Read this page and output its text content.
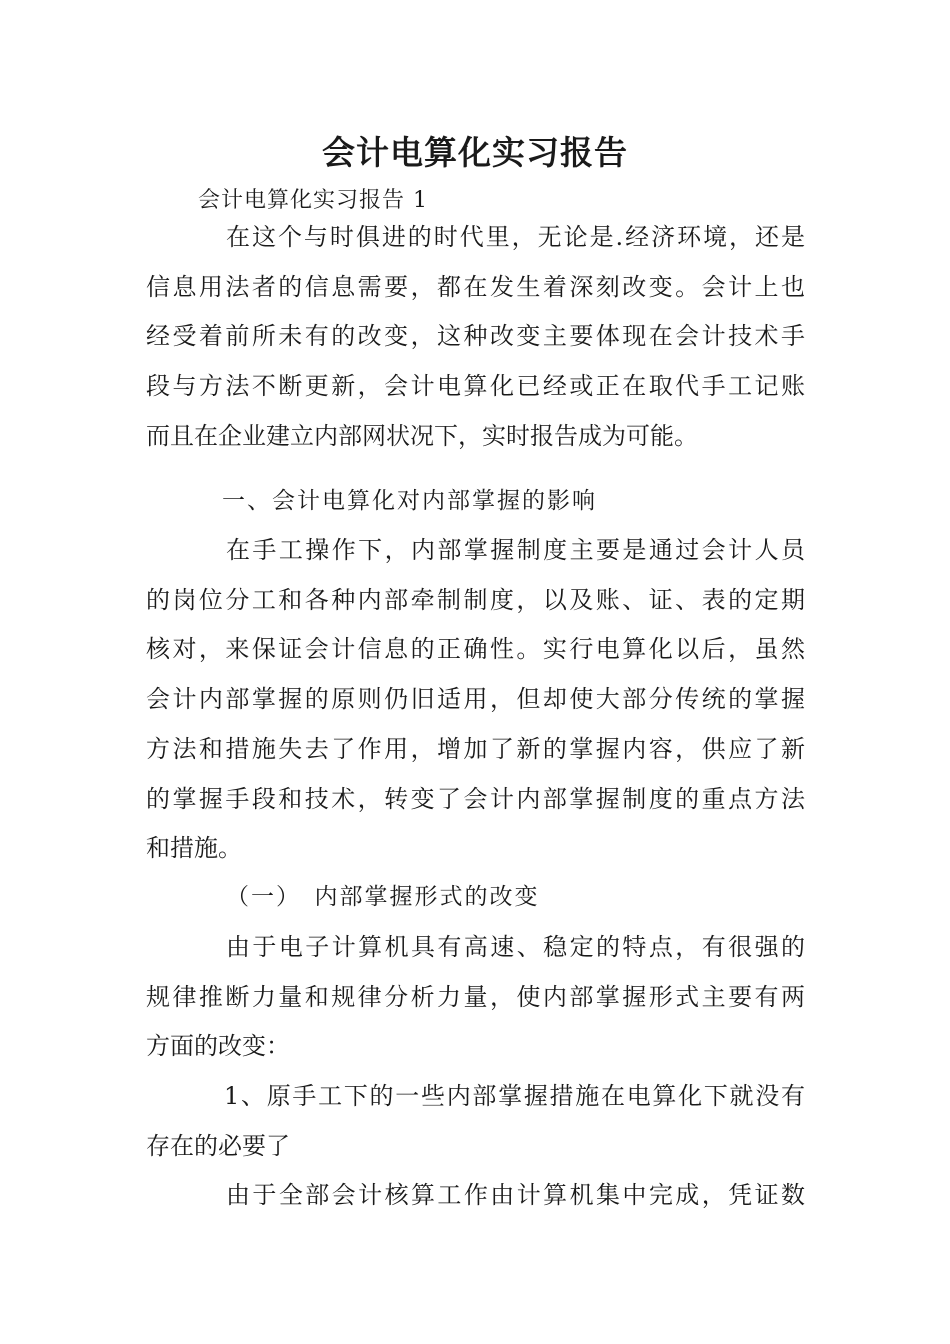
会计电算化实习报告

会计电算化实习报告 1

在这个与时俱进的时代里，无论是.经济环境，还是

信息用法者的信息需要，都在发生着深刻改变。会计上也

经受着前所未有的改变，这种改变主要体现在会计技术手

段与方法不断更新，会计电算化已经或正在取代手工记账

而且在企业建立内部网状况下，实时报告成为可能。

一、会计电算化对内部掌握的影响

在手工操作下，内部掌握制度主要是通过会计人员

的岗位分工和各种内部牵制制度，以及账、证、表的定期

核对，来保证会计信息的正确性。实行电算化以后，虽然

会计内部掌握的原则仍旧适用，但却使大部分传统的掌握

方法和措施失去了作用，增加了新的掌握内容，供应了新

的掌握手段和技术，转变了会计内部掌握制度的重点方法

和措施。

（一）　内部掌握形式的改变

由于电子计算机具有高速、稳定的特点，有很强的

规律推断力量和规律分析力量，使内部掌握形式主要有两

方面的改变：

1、原手工下的一些内部掌握措施在电算化下就没有

存在的必要了

由于全部会计核算工作由计算机集中完成，凭证数
